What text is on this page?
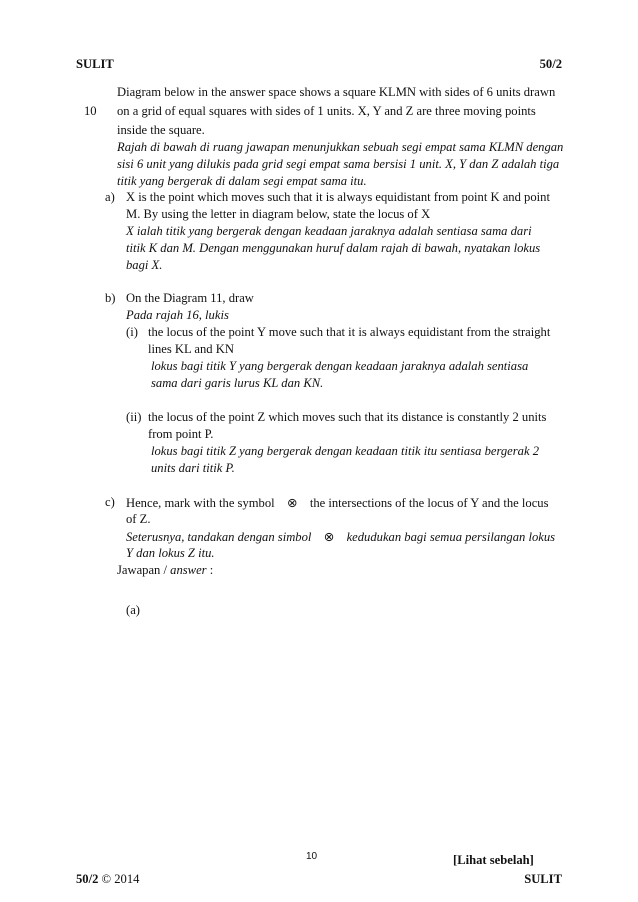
SULIT	50/2
10
Diagram below in the answer space shows a square KLMN with sides of 6 units drawn
on a grid of equal squares with sides of 1 units. X, Y and Z are three moving points
inside the square.
Rajah di bawah di ruang jawapan menunjukkan sebuah segi empat sama KLMN dengan
sisi 6 unit yang dilukis pada grid segi empat sama bersisi 1 unit. X, Y dan Z adalah tiga
titik yang bergerak di dalam segi empat sama itu.
a) X is the point which moves such that it is always equidistant from point K and point
M. By using the letter in diagram below, state the locus of X
X ialah titik yang bergerak dengan keadaan jaraknya adalah sentiasa sama dari
titik K dan M. Dengan menggunakan huruf dalam rajah di bawah, nyatakan lokus
bagi X.
b) On the Diagram 11, draw
Pada rajah 16, lukis
(i) the locus of the point Y move such that it is always equidistant from the straight
lines KL and KN
lokus bagi titik Y yang bergerak dengan keadaan jaraknya adalah sentiasa
sama dari garis lurus KL dan KN.
(ii) the locus of the point Z which moves such that its distance is constantly 2 units
from point P.
lokus bagi titik Z yang bergerak dengan keadaan titik itu sentiasa bergerak 2
units dari titik P.
c) Hence, mark with the symbol ⊗ the intersections of the locus of Y and the locus
of Z.
Seterusnya, tandakan dengan simbol ⊗ kedudukan bagi semua persilangan lokus
Y dan lokus Z itu.
Jawapan / answer :
(a)
10	[Lihat sebelah]
50/2 © 2014	SULIT
